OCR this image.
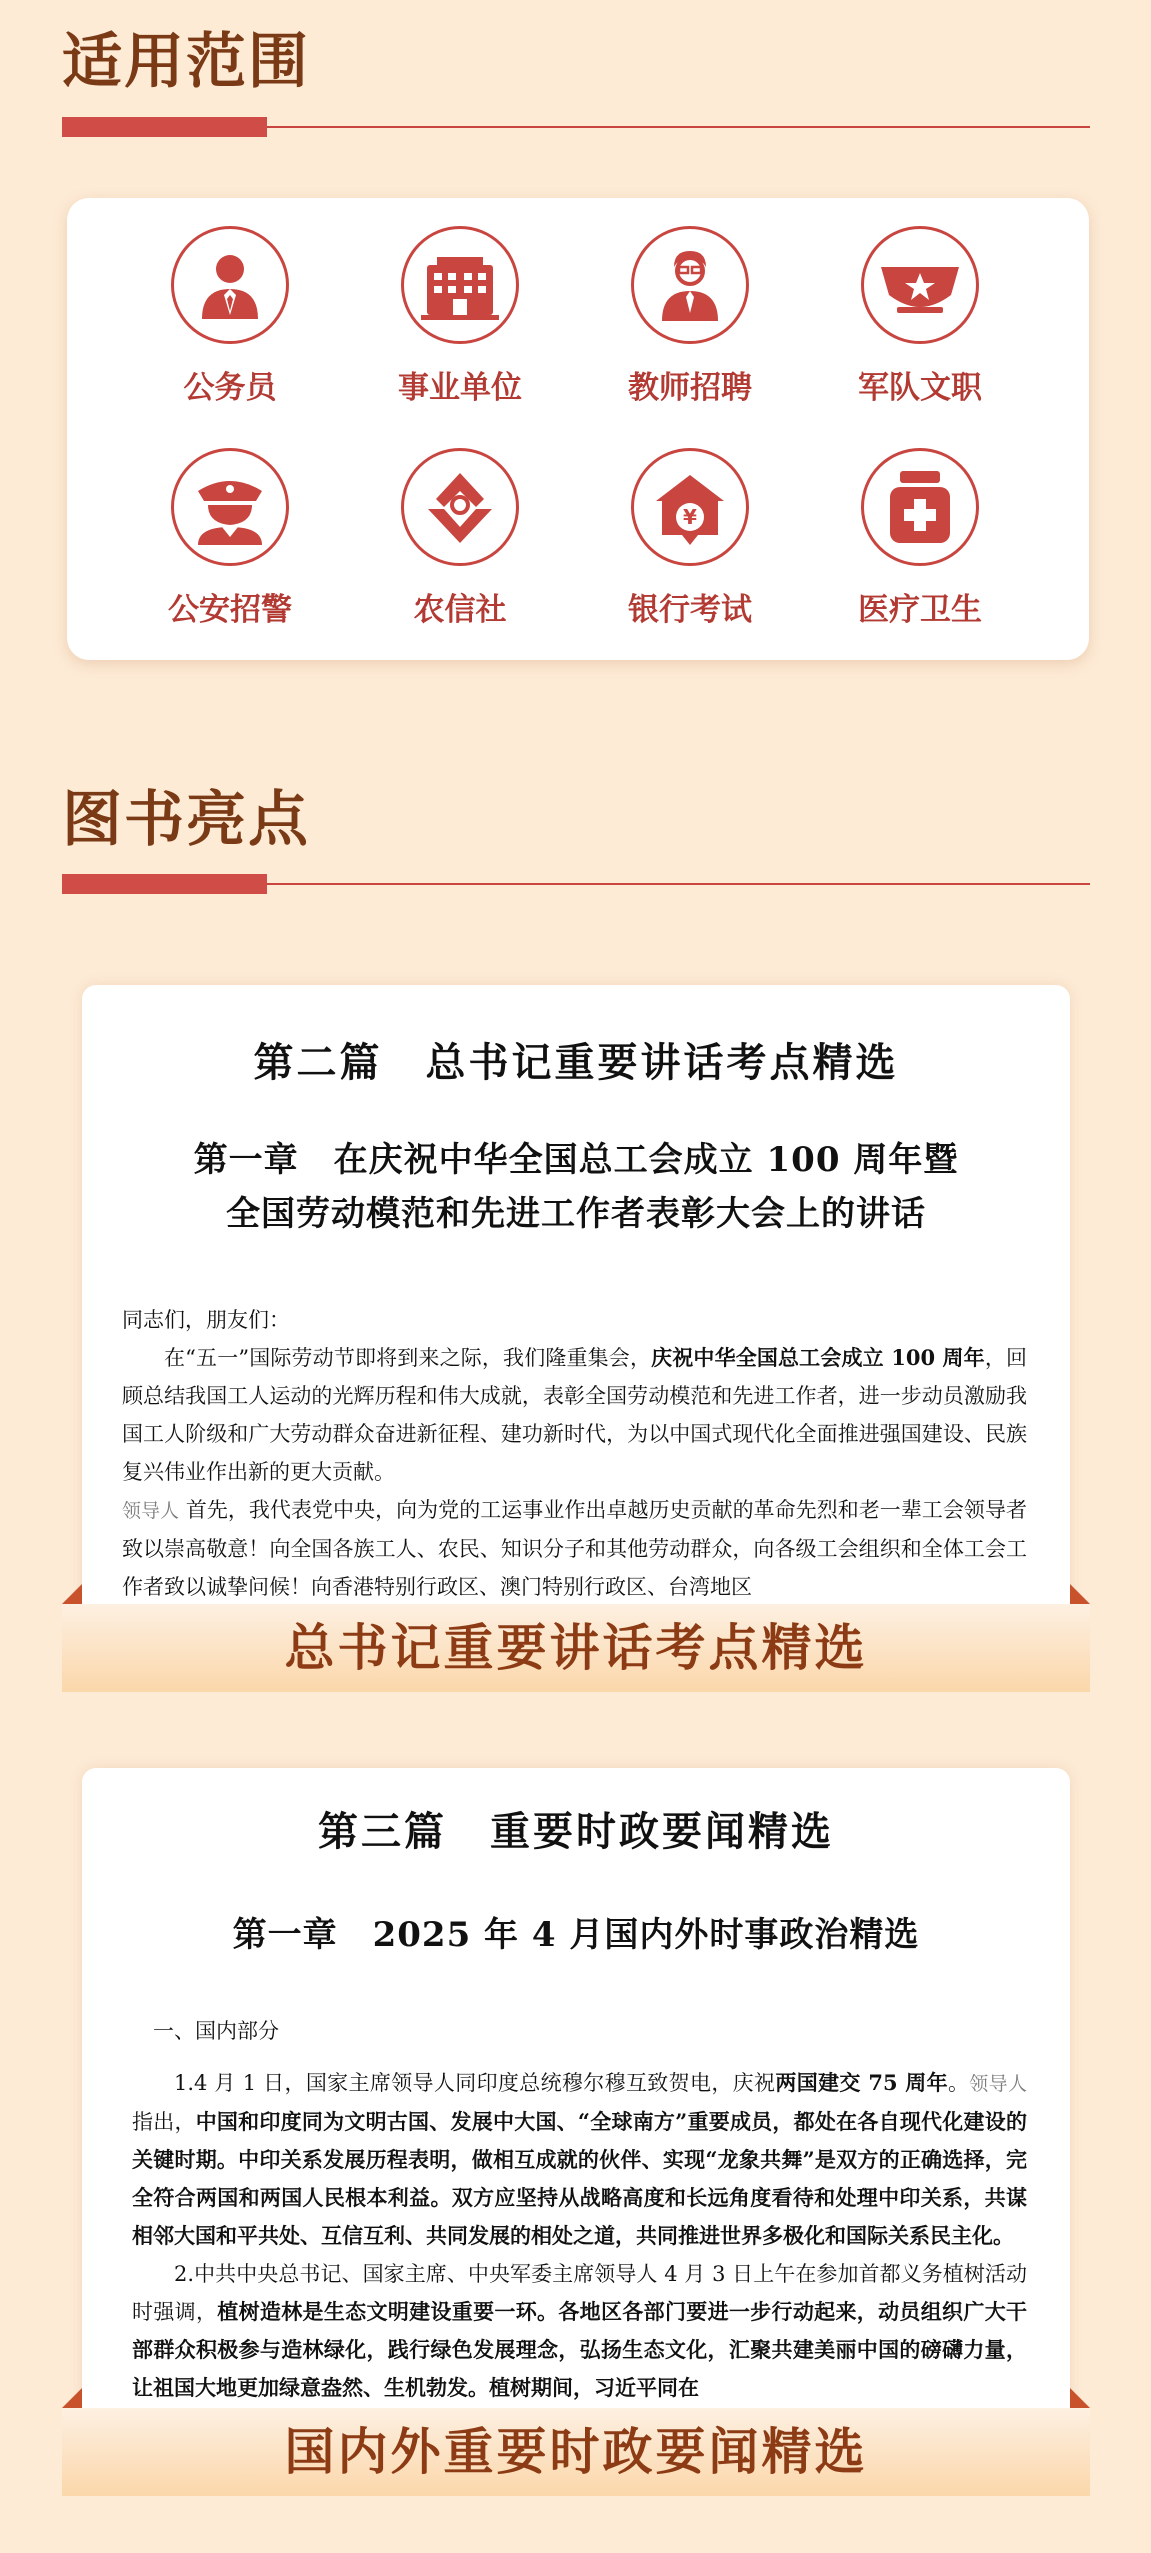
适用范围
公务员	事业单位	教师招聘	军队文职
公安招警	农信社
¥
银行考试	医疗卫生
图书亮点
第二篇　总书记重要讲话考点精选
第一章　在庆祝中华全国总工会成立 100 周年暨
全国劳动模范和先进工作者表彰大会上的讲话

同志们，朋友们：

在“五一”国际劳动节即将到来之际，我们隆重集会，庆祝中华全国总工会成立 100 周年，回顾总结我国工人运动的光辉历程和伟大成就，表彰全国劳动模范和先进工作者，进一步动员激励我国工人阶级和广大劳动群众奋进新征程、建功新时代，为以中国式现代化全面推进强国建设、民族复兴伟业作出新的更大贡献。

领导人 首先，我代表党中央，向为党的工运事业作出卓越历史贡献的革命先烈和老一辈工会领导者致以崇高敬意！向全国各族工人、农民、知识分子和其他劳动群众，向各级工会组织和全体工会工作者致以诚挚问候！向香港特别行政区、澳门特别行政区、台湾地区

总书记重要讲话考点精选
第三篇　重要时政要闻精选
第一章　2025 年 4 月国内外时事政治精选

一、国内部分

1.4 月 1 日，国家主席领导人同印度总统穆尔穆互致贺电，庆祝两国建交 75 周年。领导人指出，中国和印度同为文明古国、发展中大国、“全球南方”重要成员，都处在各自现代化建设的关键时期。中印关系发展历程表明，做相互成就的伙伴、实现“龙象共舞”是双方的正确选择，完全符合两国和两国人民根本利益。双方应坚持从战略高度和长远角度看待和处理中印关系，共谋相邻大国和平共处、互信互利、共同发展的相处之道，共同推进世界多极化和国际关系民主化。

2.中共中央总书记、国家主席、中央军委主席领导人 4 月 3 日上午在参加首都义务植树活动时强调，植树造林是生态文明建设重要一环。各地区各部门要进一步行动起来，动员组织广大干部群众积极参与造林绿化，践行绿色发展理念，弘扬生态文化，汇聚共建美丽中国的磅礴力量，让祖国大地更加绿意盎然、生机勃发。植树期间，习近平同在

国内外重要时政要闻精选
